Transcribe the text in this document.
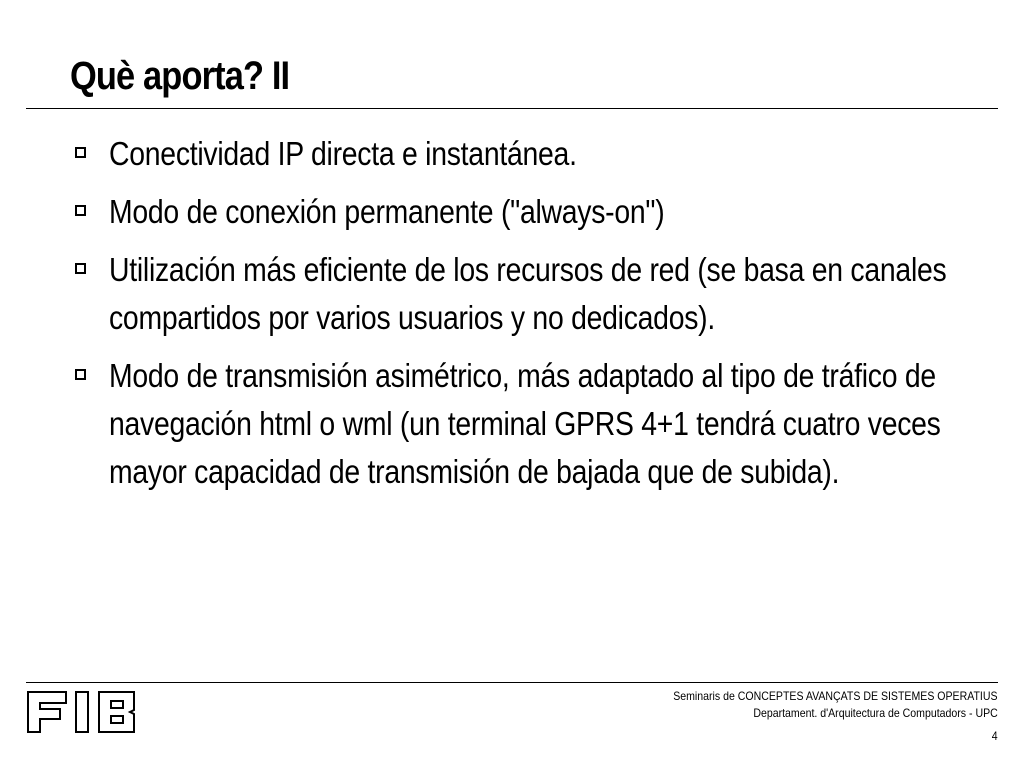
Què aporta? II
Conectividad IP directa e instantánea.
Modo de conexión permanente ("always-on")
Utilización más eficiente de los recursos de red (se basa en canales compartidos por varios usuarios y no dedicados).
Modo de transmisión asimétrico, más adaptado al tipo de tráfico de navegación html o wml (un terminal GPRS 4+1 tendrá cuatro veces mayor capacidad de transmisión de bajada que de subida).
Seminaris de CONCEPTES AVANÇATS DE SISTEMES OPERATIUS
Departament. d'Arquitectura de Computadors - UPC
4
